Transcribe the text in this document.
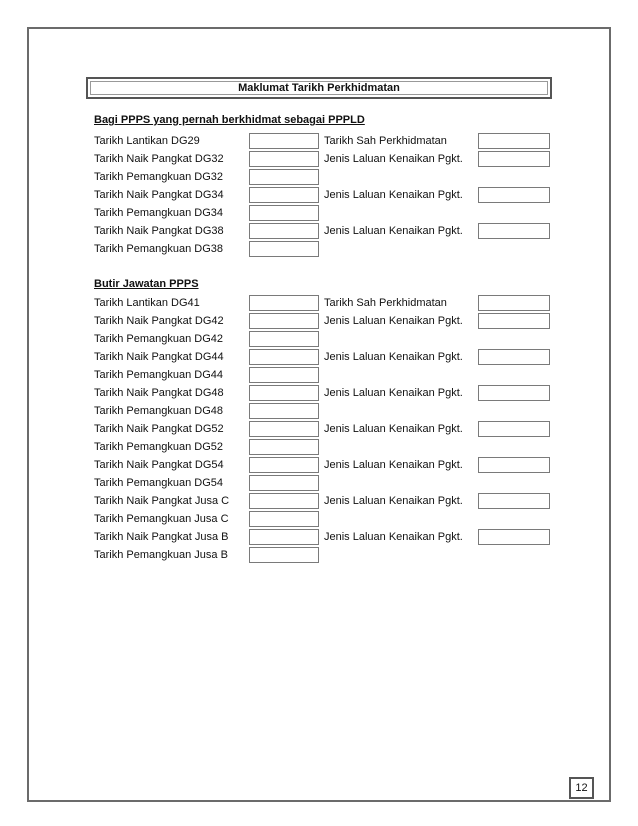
Maklumat Tarikh Perkhidmatan
Bagi PPPS yang pernah berkhidmat sebagai PPPLD
Tarikh Lantikan DG29	Tarikh Sah Perkhidmatan
Tarikh Naik Pangkat DG32	Jenis Laluan Kenaikan Pgkt.
Tarikh Pemangkuan DG32
Tarikh Naik Pangkat DG34	Jenis Laluan Kenaikan Pgkt.
Tarikh Pemangkuan DG34
Tarikh Naik Pangkat DG38	Jenis Laluan Kenaikan Pgkt.
Tarikh Pemangkuan DG38
Butir Jawatan PPPS
Tarikh Lantikan DG41	Tarikh Sah Perkhidmatan
Tarikh Naik Pangkat DG42	Jenis Laluan Kenaikan Pgkt.
Tarikh Pemangkuan DG42
Tarikh Naik Pangkat DG44	Jenis Laluan Kenaikan Pgkt.
Tarikh Pemangkuan DG44
Tarikh Naik Pangkat DG48	Jenis Laluan Kenaikan Pgkt.
Tarikh Pemangkuan DG48
Tarikh Naik Pangkat DG52	Jenis Laluan Kenaikan Pgkt.
Tarikh Pemangkuan DG52
Tarikh Naik Pangkat DG54	Jenis Laluan Kenaikan Pgkt.
Tarikh Pemangkuan DG54
Tarikh Naik Pangkat Jusa C	Jenis Laluan Kenaikan Pgkt.
Tarikh Pemangkuan Jusa C
Tarikh Naik Pangkat Jusa B	Jenis Laluan Kenaikan Pgkt.
Tarikh Pemangkuan Jusa B
12
